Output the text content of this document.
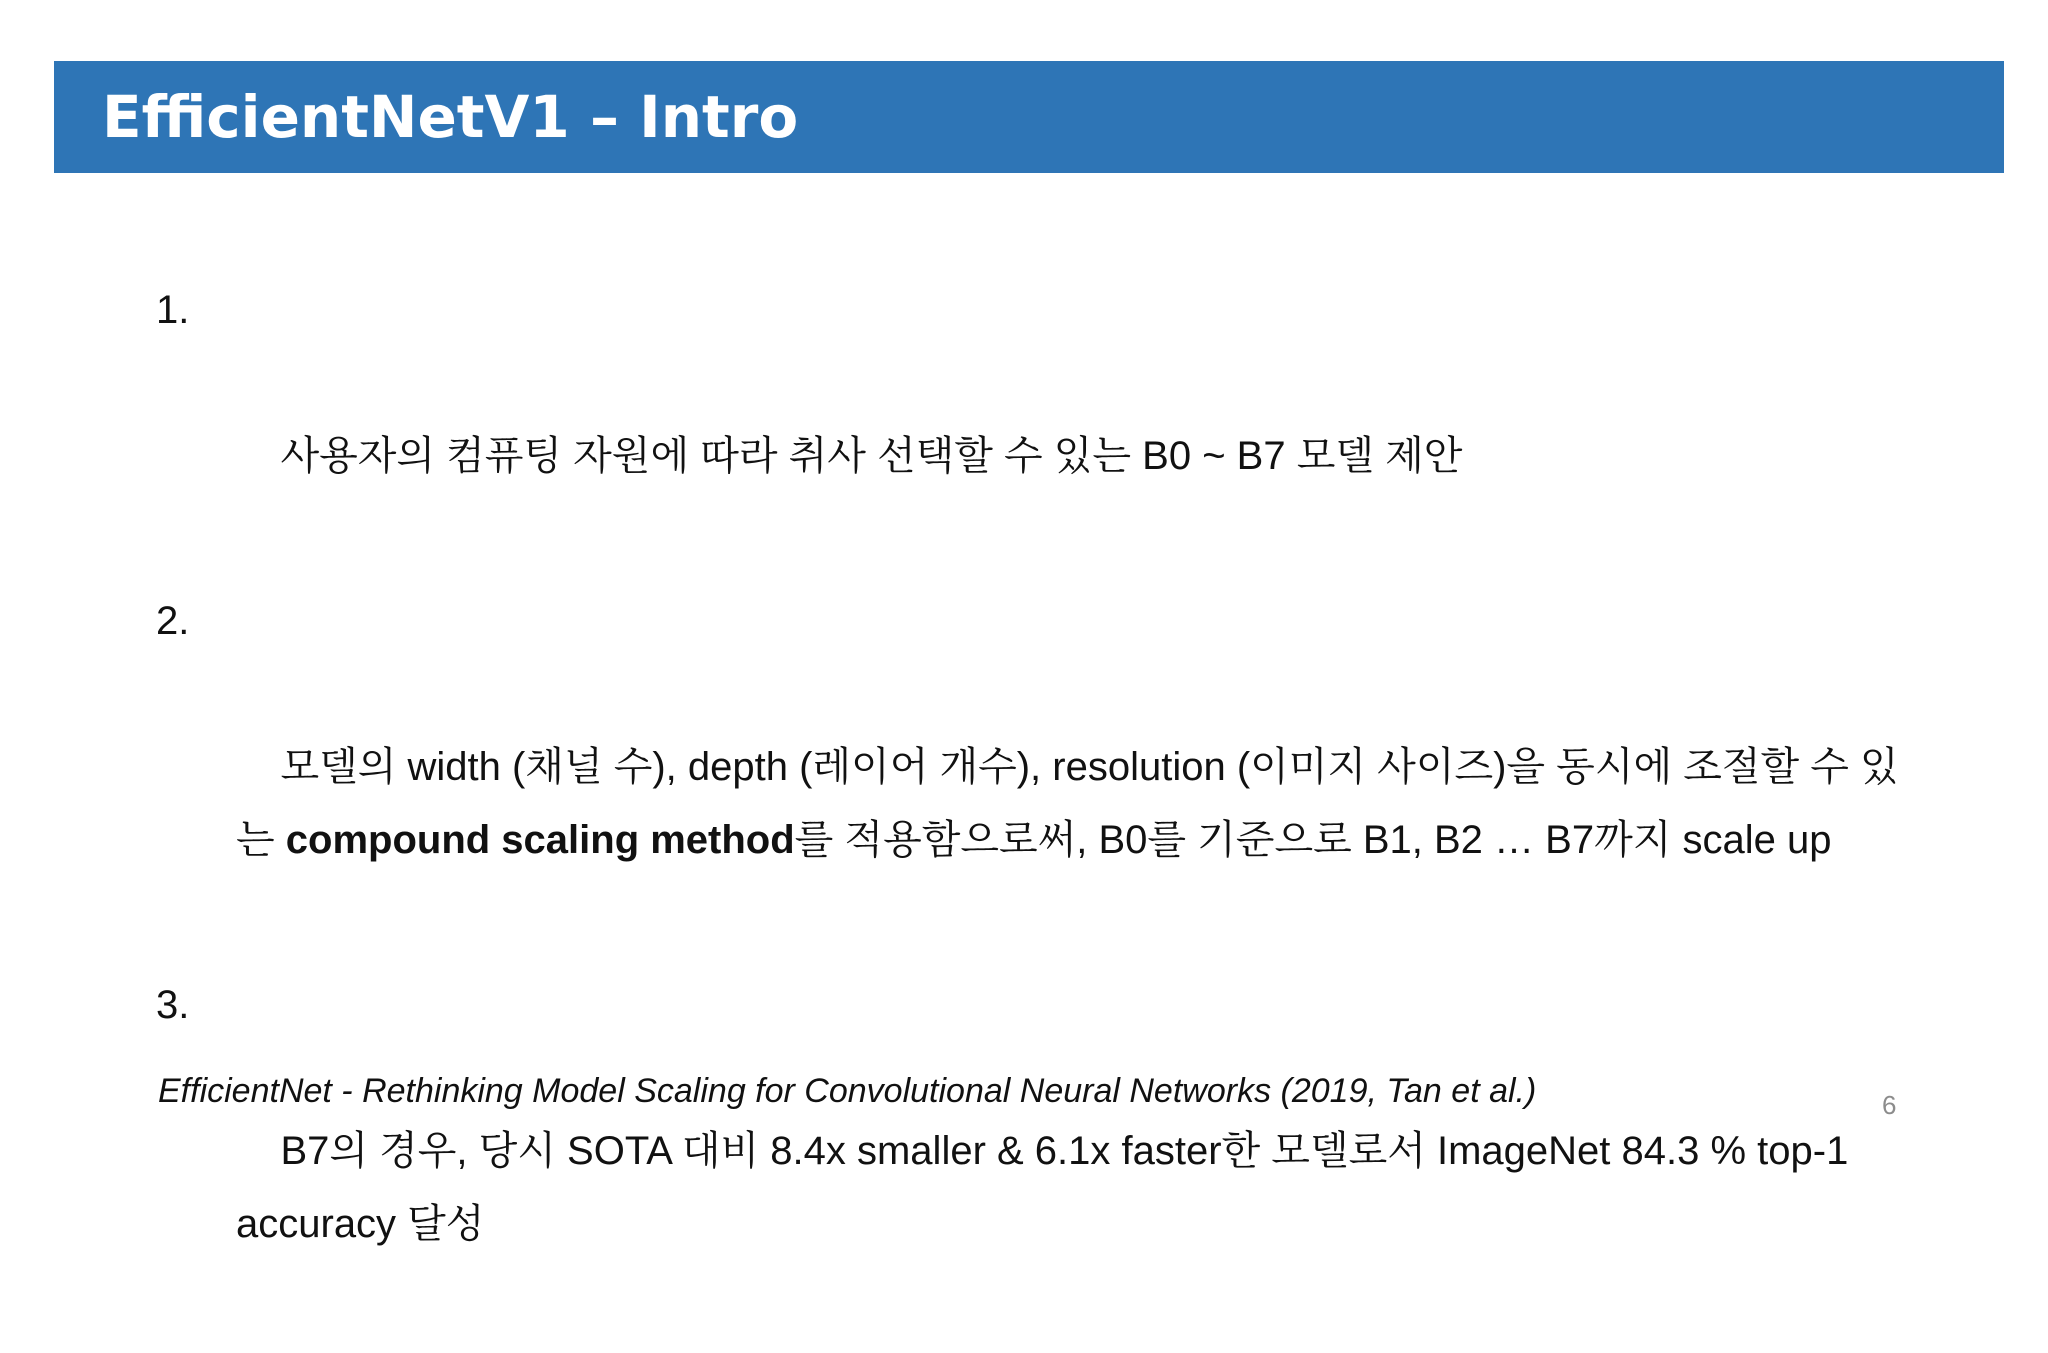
EfficientNetV1 – Intro

1.

사용자의 컴퓨팅 자원에 따라 취사 선택할 수 있는 B0 ~ B7 모델 제안

2.

모델의 width (채널 수), depth (레이어 개수), resolution (이미지 사이즈)을 동시에 조절할 수 있는 compound scaling method를 적용함으로써, B0를 기준으로 B1, B2 … B7까지 scale up

3.

B7의 경우, 당시 SOTA 대비 8.4x smaller & 6.1x faster한 모델로서 ImageNet 84.3 % top-1 accuracy 달성

EfficientNet - Rethinking Model Scaling for Convolutional Neural Networks (2019, Tan et al.)	6
